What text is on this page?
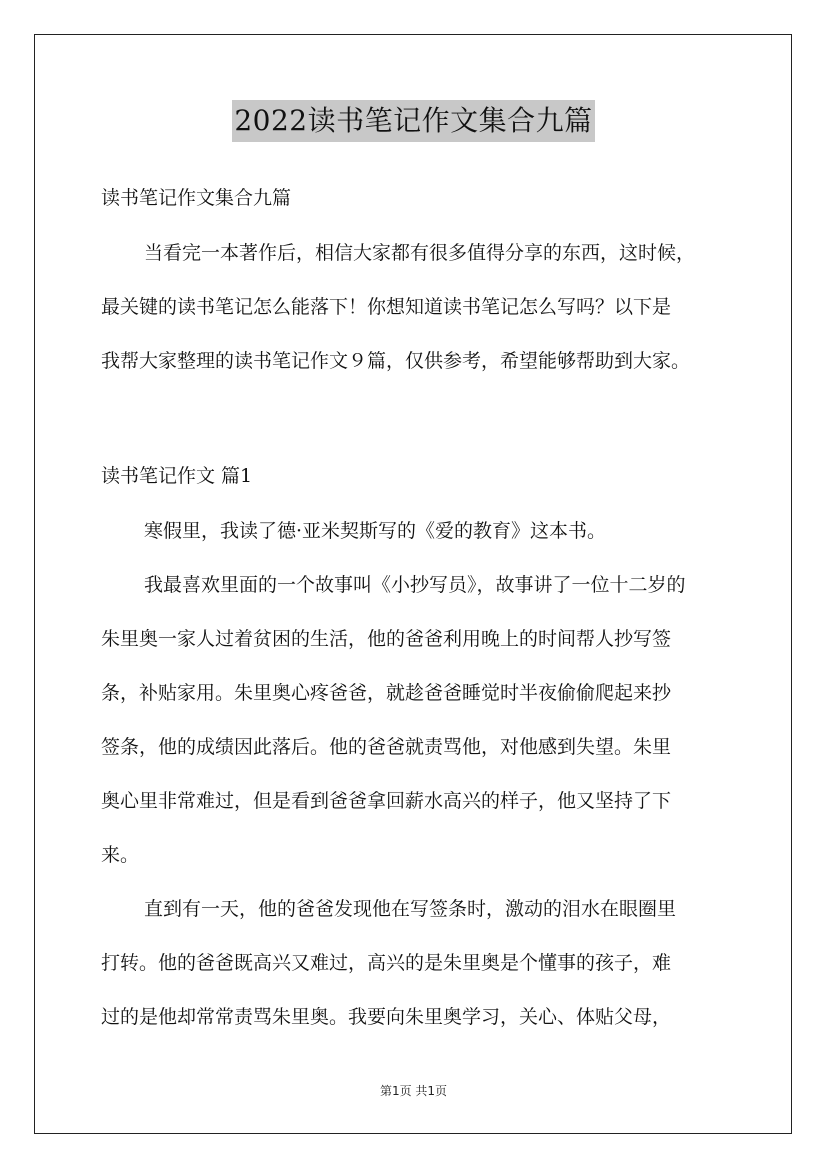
2022读书笔记作文集合九篇

读书笔记作文集合九篇

当看完一本著作后，相信大家都有很多值得分享的东西，这时候，
最关键的读书笔记怎么能落下！你想知道读书笔记怎么写吗？以下是
我帮大家整理的读书笔记作文９篇，仅供参考，希望能够帮助到大家。

读书笔记作文 篇1

寒假里，我读了德·亚米契斯写的《爱的教育》这本书。

我最喜欢里面的一个故事叫《小抄写员》，故事讲了一位十二岁的
朱里奥一家人过着贫困的生活，他的爸爸利用晚上的时间帮人抄写签
条，补贴家用。朱里奥心疼爸爸，就趁爸爸睡觉时半夜偷偷爬起来抄
签条，他的成绩因此落后。他的爸爸就责骂他，对他感到失望。朱里
奥心里非常难过，但是看到爸爸拿回薪水高兴的样子，他又坚持了下
来。

直到有一天，他的爸爸发现他在写签条时，激动的泪水在眼圈里
打转。他的爸爸既高兴又难过，高兴的是朱里奥是个懂事的孩子，难
过的是他却常常责骂朱里奥。我要向朱里奥学习，关心、体贴父母，

第1页 共1页
